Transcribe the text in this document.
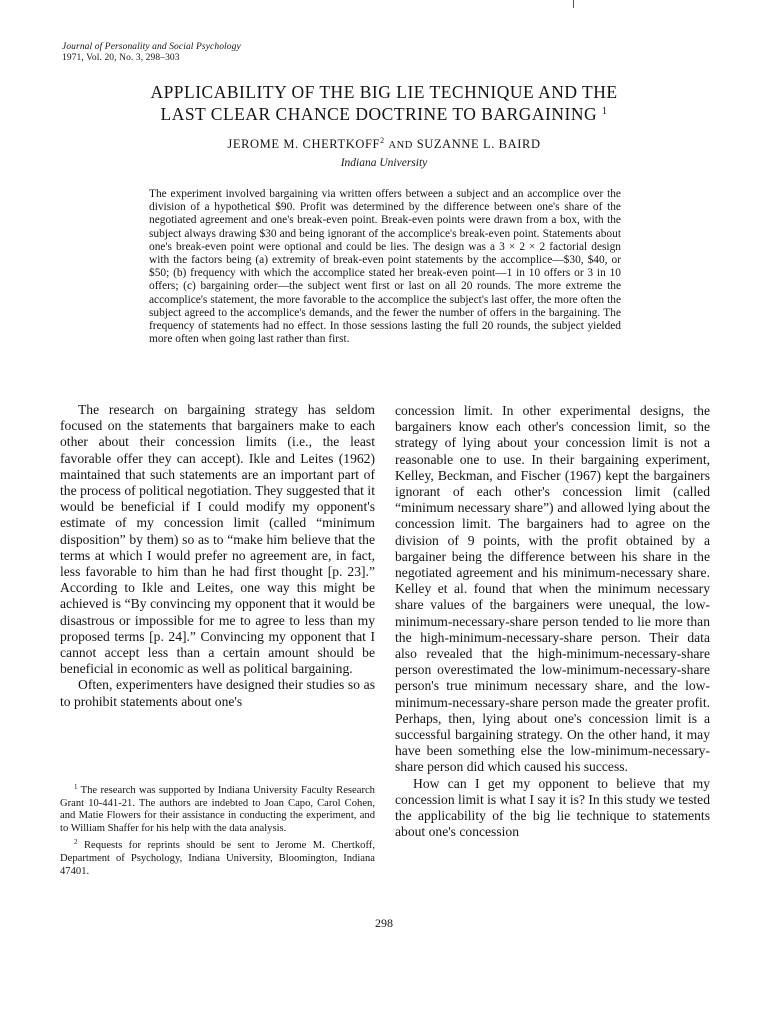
Journal of Personality and Social Psychology
1971, Vol. 20, No. 3, 298–303
APPLICABILITY OF THE BIG LIE TECHNIQUE AND THE
LAST CLEAR CHANCE DOCTRINE TO BARGAINING $^1$
JEROME M. CHERTKOFF$^2$ AND SUZANNE L. BAIRD
Indiana University
The experiment involved bargaining via written offers between a subject and an accomplice over the division of a hypothetical $90. Profit was determined by the difference between one's share of the negotiated agreement and one's break-even point. Break-even points were drawn from a box, with the subject always drawing $30 and being ignorant of the accomplice's break-even point. Statements about one's break-even point were optional and could be lies. The design was a 3 × 2 × 2 factorial design with the factors being (a) extremity of break-even point statements by the accomplice—$30, $40, or $50; (b) frequency with which the accomplice stated her break-even point—1 in 10 offers or 3 in 10 offers; (c) bargaining order—the subject went first or last on all 20 rounds. The more extreme the accomplice's statement, the more favorable to the accomplice the subject's last offer, the more often the subject agreed to the accomplice's demands, and the fewer the number of offers in the bargaining. The frequency of statements had no effect. In those sessions lasting the full 20 rounds, the subject yielded more often when going last rather than first.

The research on bargaining strategy has seldom focused on the statements that bargainers make to each other about their concession limits (i.e., the least favorable offer they can accept). Ikle and Leites (1962) maintained that such statements are an important part of the process of political negotiation. They suggested that it would be beneficial if I could modify my opponent's estimate of my concession limit (called “minimum disposition” by them) so as to “make him believe that the terms at which I would prefer no agreement are, in fact, less favorable to him than he had first thought [p. 23].” According to Ikle and Leites, one way this might be achieved is “By convincing my opponent that it would be disastrous or impossible for me to agree to less than my proposed terms [p. 24].” Convincing my opponent that I cannot accept less than a certain amount should be beneficial in economic as well as political bargaining.

Often, experimenters have designed their studies so as to prohibit statements about one's

concession limit. In other experimental designs, the bargainers know each other's concession limit, so the strategy of lying about your concession limit is not a reasonable one to use. In their bargaining experiment, Kelley, Beckman, and Fischer (1967) kept the bargainers ignorant of each other's concession limit (called “minimum necessary share”) and allowed lying about the concession limit. The bargainers had to agree on the division of 9 points, with the profit obtained by a bargainer being the difference between his share in the negotiated agreement and his minimum-necessary share. Kelley et al. found that when the minimum necessary share values of the bargainers were unequal, the low-minimum-necessary-share person tended to lie more than the high-minimum-necessary-share person. Their data also revealed that the high-minimum-necessary-share person overestimated the low-minimum-necessary-share person's true minimum necessary share, and the low-minimum-necessary-share person made the greater profit. Perhaps, then, lying about one's concession limit is a successful bargaining strategy. On the other hand, it may have been something else the low-minimum-necessary-share person did which caused his success.

How can I get my opponent to believe that my concession limit is what I say it is? In this study we tested the applicability of the big lie technique to statements about one's concession

$^1$ The research was supported by Indiana University Faculty Research Grant 10-441-21. The authors are indebted to Joan Capo, Carol Cohen, and Matie Flowers for their assistance in conducting the experiment, and to William Shaffer for his help with the data analysis.

$^2$ Requests for reprints should be sent to Jerome M. Chertkoff, Department of Psychology, Indiana University, Bloomington, Indiana 47401.

298
